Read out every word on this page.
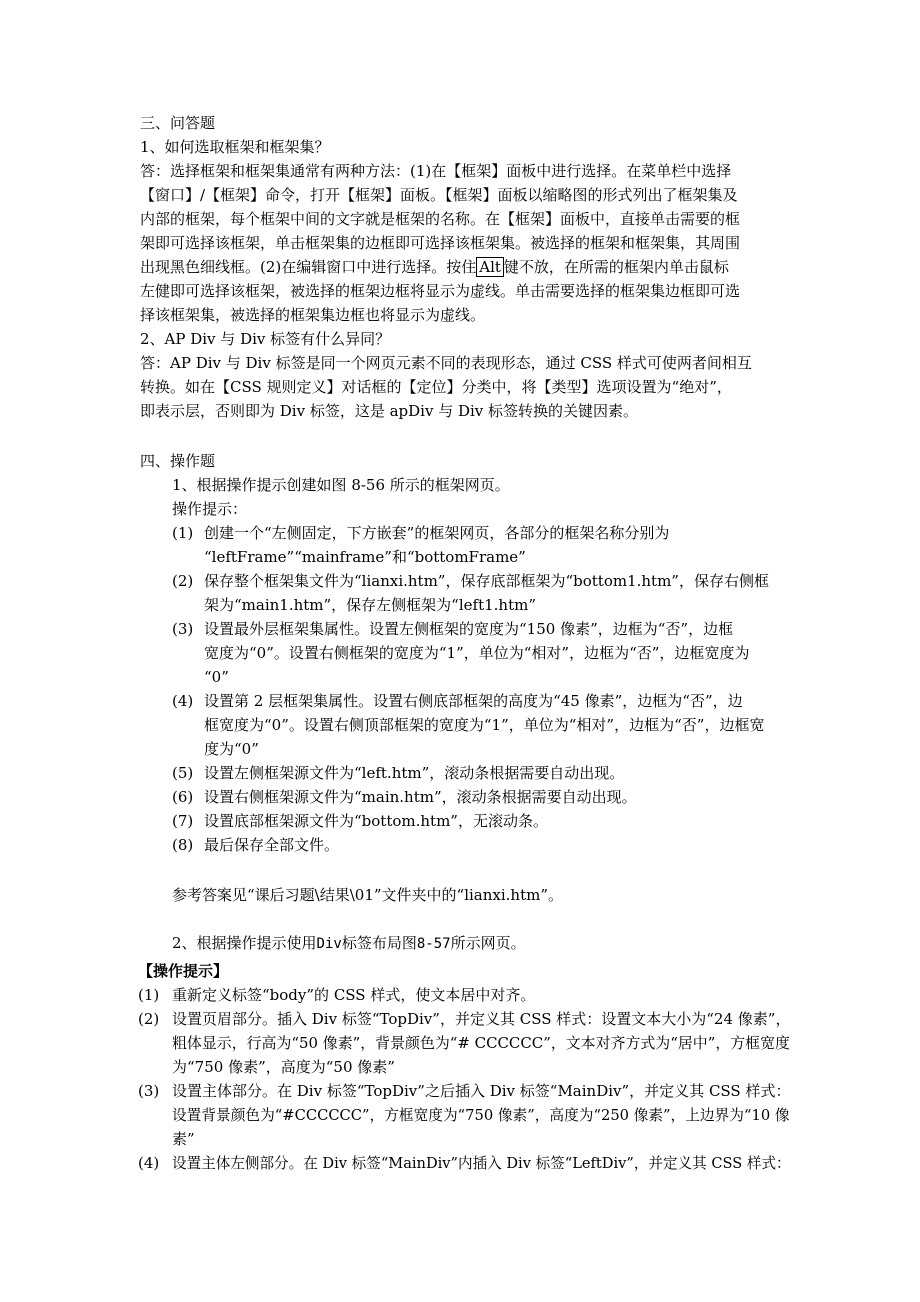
三、问答题
1、如何选取框架和框架集？
答：选择框架和框架集通常有两种方法：(1)在【框架】面板中进行选择。在菜单栏中选择
【窗口】/【框架】命令，打开【框架】面板。【框架】面板以缩略图的形式列出了框架集及
内部的框架，每个框架中间的文字就是框架的名称。在【框架】面板中，直接单击需要的框
架即可选择该框架，单击框架集的边框即可选择该框架集。被选择的框架和框架集，其周围
出现黑色细线框。(2)在编辑窗口中进行选择。按住 Alt 键不放，在所需的框架内单击鼠标
左健即可选择该框架，被选择的框架边框将显示为虚线。单击需要选择的框架集边框即可选
择该框架集，被选择的框架集边框也将显示为虚线。
2、AP Div 与 Div 标签有什么异同？
答：AP Div 与 Div 标签是同一个网页元素不同的表现形态，通过 CSS 样式可使两者间相互
转换。如在【CSS 规则定义】对话框的【定位】分类中，将【类型】选项设置为“绝对”，
即表示层，否则即为 Div 标签，这是 apDiv 与 Div 标签转换的关键因素。
四、操作题
1、根据操作提示创建如图 8-56 所示的框架网页。
操作提示：
(1) 创建一个“左侧固定，下方嵌套”的框架网页，各部分的框架名称分别为
“leftFrame”“mainframe”和“bottomFrame”
(2) 保存整个框架集文件为“lianxi.htm”，保存底部框架为“bottom1.htm”，保存右侧框
架为“main1.htm”，保存左侧框架为“left1.htm”
(3) 设置最外层框架集属性。设置左侧框架的宽度为“150 像素”，边框为“否”，边框
宽度为“0”。设置右侧框架的宽度为“1”，单位为“相对”，边框为“否”，边框宽度为
“0”
(4) 设置第 2 层框架集属性。设置右侧底部框架的高度为“45 像素”，边框为“否”，边
框宽度为“0”。设置右侧顶部框架的宽度为“1”，单位为“相对”，边框为“否”，边框宽
度为“0”
(5) 设置左侧框架源文件为“left.htm”，滚动条根据需要自动出现。
(6) 设置右侧框架源文件为“main.htm”，滚动条根据需要自动出现。
(7) 设置底部框架源文件为“bottom.htm”，无滚动条。
(8) 最后保存全部文件。
参考答案见“课后习题\结果\01”文件夹中的“lianxi.htm”。
2、根据操作提示使用Div标签布局图8-57所示网页。
【操作提示】
(1) 重新定义标签“body”的 CSS 样式，使文本居中对齐。
(2) 设置页眉部分。插入 Div 标签“TopDiv”，并定义其 CSS 样式：设置文本大小为“24 像素”，
粗体显示，行高为“50 像素”，背景颜色为“# CCCCCC”，文本对齐方式为“居中”，方框宽度
为“750 像素”，高度为“50 像素”
(3) 设置主体部分。在 Div 标签“TopDiv”之后插入 Div 标签“MainDiv”，并定义其 CSS 样式：
设置背景颜色为“#CCCCCC”，方框宽度为“750 像素”，高度为“250 像素”，上边界为“10 像
素”
(4) 设置主体左侧部分。在 Div 标签“MainDiv”内插入 Div 标签“LeftDiv”，并定义其 CSS 样式：
